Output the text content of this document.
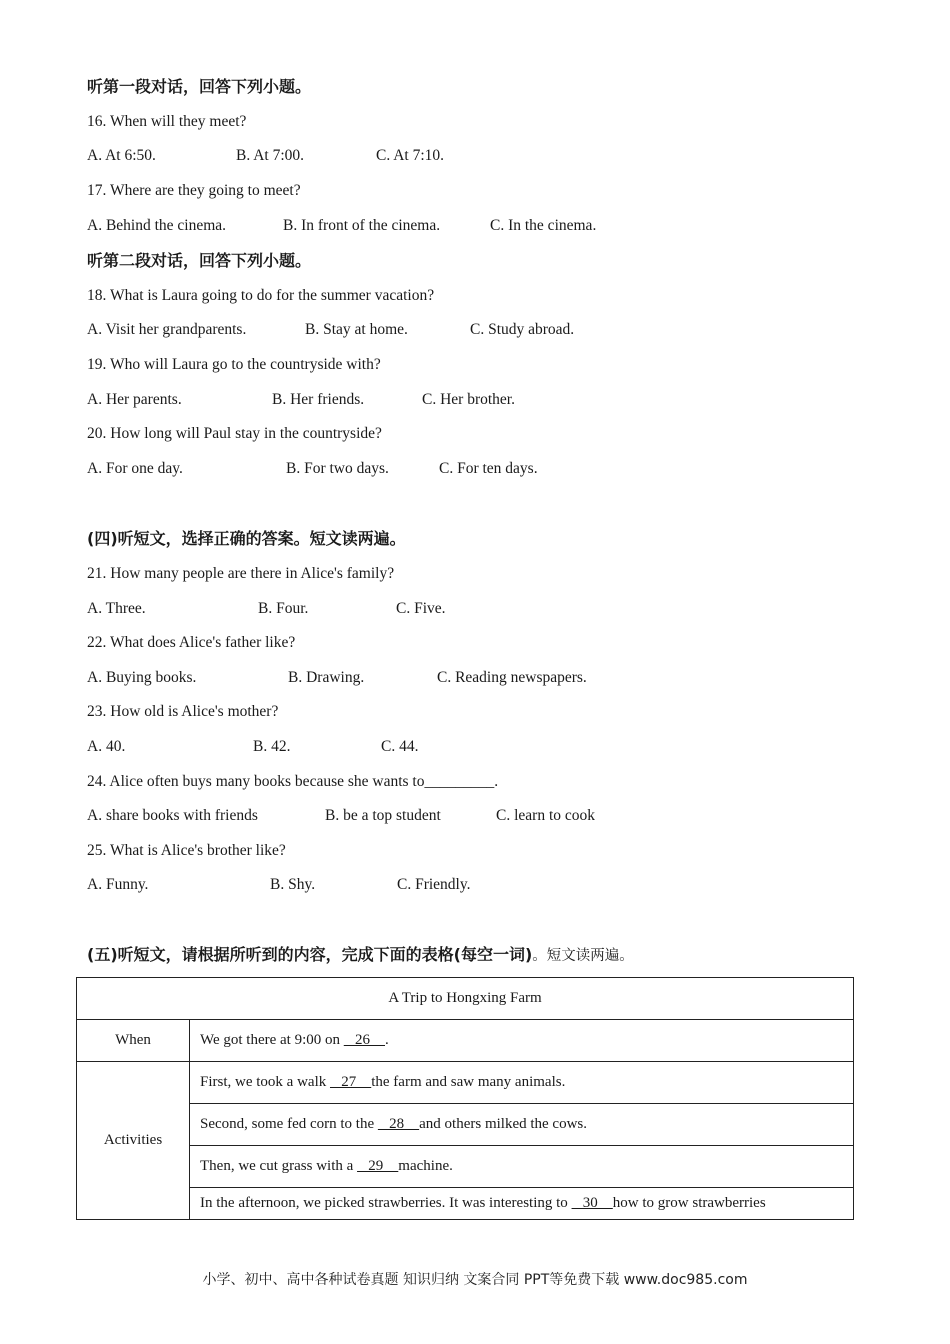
听第一段对话，回答下列小题。
16. When will they meet?
A. At 6:50.	B. At 7:00.	C. At 7:10.
17. Where are they going to meet?
A. Behind the cinema.	B. In front of the cinema.	C. In the cinema.
听第二段对话，回答下列小题。
18. What is Laura going to do for the summer vacation?
A. Visit her grandparents.	B. Stay at home.	C. Study abroad.
19. Who will Laura go to the countryside with?
A. Her parents.	B. Her friends.	C. Her brother.
20. How long will Paul stay in the countryside?
A. For one day.	B. For two days.	C. For ten days.
(四)听短文，选择正确的答案。短文读两遍。
21. How many people are there in Alice's family?
A. Three.	B. Four.	C. Five.
22. What does Alice's father like?
A. Buying books.	B. Drawing.	C. Reading newspapers.
23. How old is Alice's mother?
A. 40.	B. 42.	C. 44.
24. Alice often buys many books because she wants to_________.
A. share books with friends	B. be a top student	C. learn to cook
25. What is Alice's brother like?
A. Funny.	B. Shy.	C. Friendly.
(五)听短文，请根据所听到的内容，完成下面的表格(每空一词)。短文读两遍。
A Trip to Hongxing Farm	
When	We got there at 9:00 on    26    .
Activities	First, we took a walk    27    the farm and saw many animals.
	Second, some fed corn to the    28    and others milked the cows.
	Then, we cut grass with a    29    machine.
	In the afternoon, we picked strawberries. It was interesting to    30    how to grow strawberries
小学、初中、高中各种试卷真题 知识归纳 文案合同 PPT等免费下载 www.doc985.com
